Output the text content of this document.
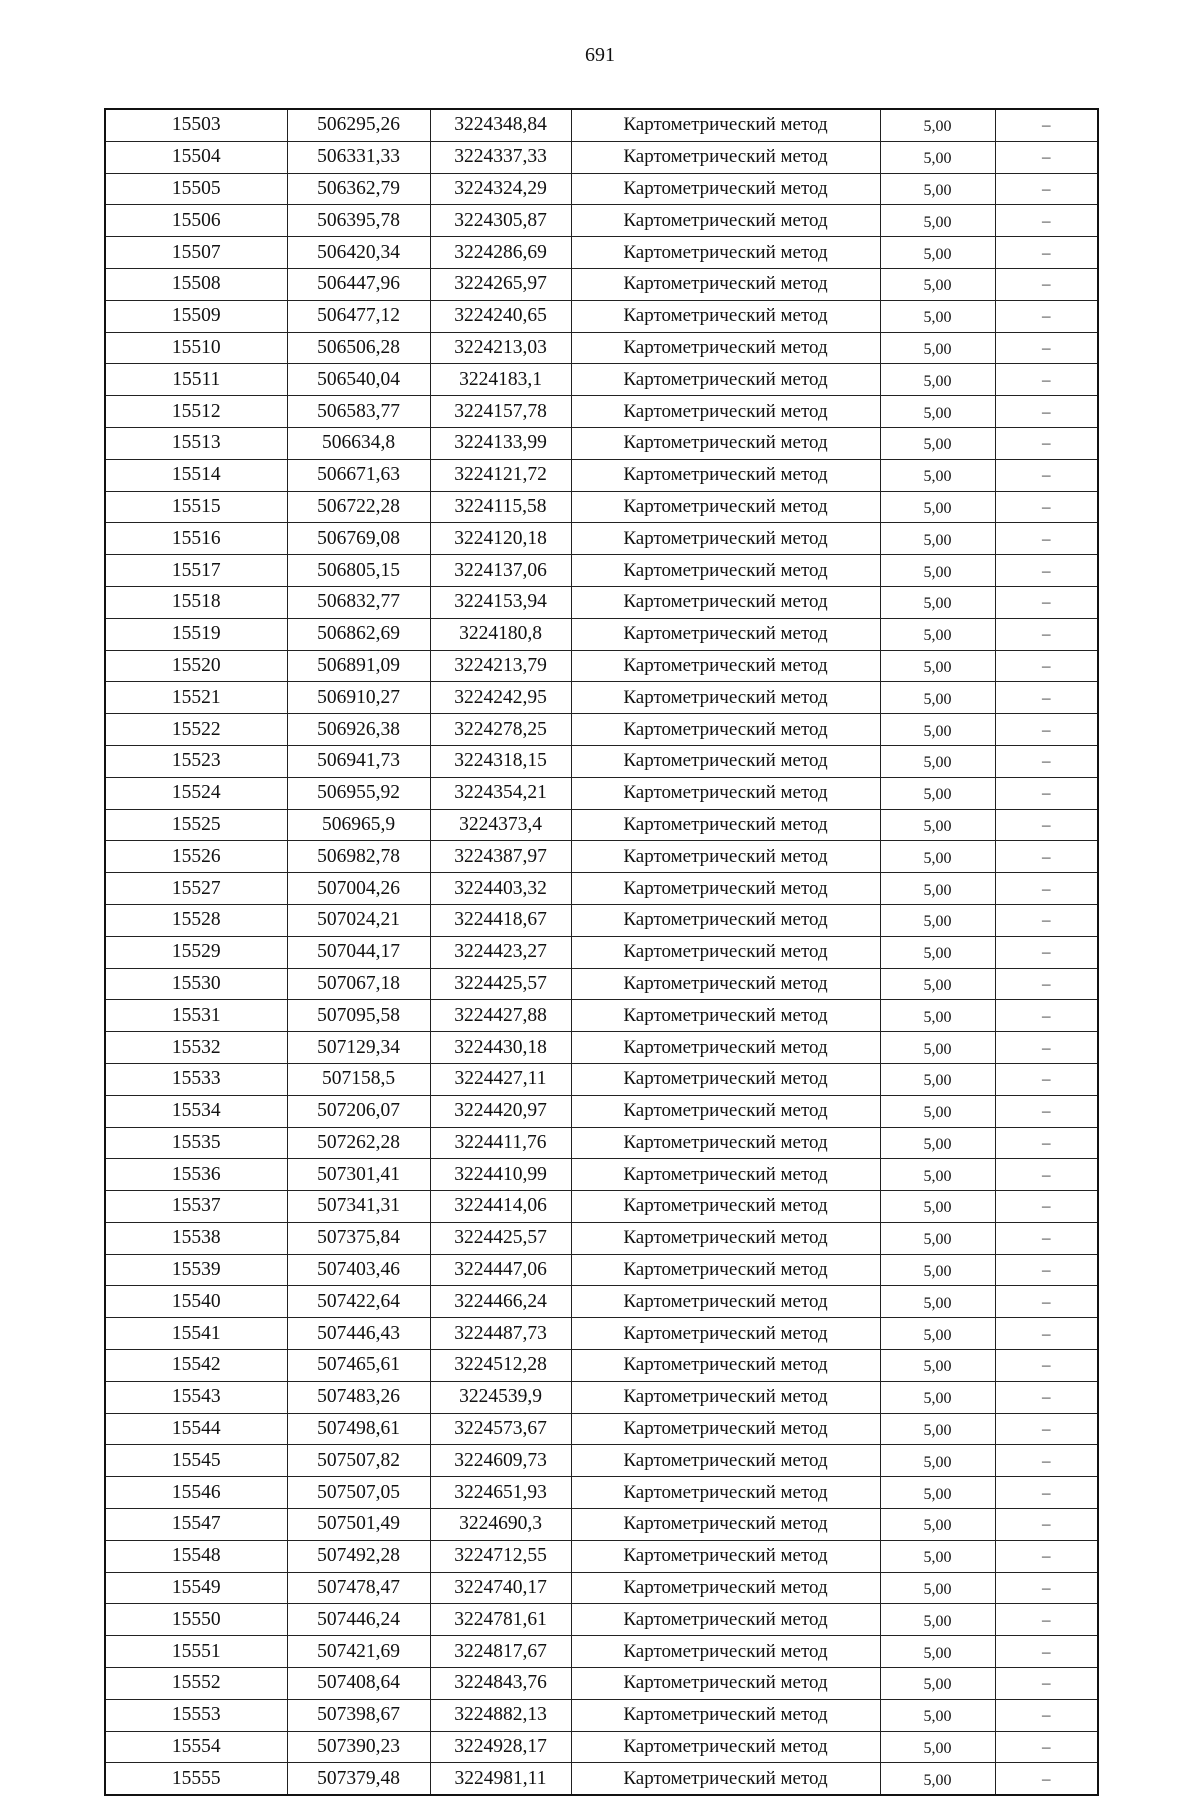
691
15503	506295,26	3224348,84	Картометрический метод	5,00	–
15504	506331,33	3224337,33	Картометрический метод	5,00	–
15505	506362,79	3224324,29	Картометрический метод	5,00	–
15506	506395,78	3224305,87	Картометрический метод	5,00	–
15507	506420,34	3224286,69	Картометрический метод	5,00	–
15508	506447,96	3224265,97	Картометрический метод	5,00	–
15509	506477,12	3224240,65	Картометрический метод	5,00	–
15510	506506,28	3224213,03	Картометрический метод	5,00	–
15511	506540,04	3224183,1	Картометрический метод	5,00	–
15512	506583,77	3224157,78	Картометрический метод	5,00	–
15513	506634,8	3224133,99	Картометрический метод	5,00	–
15514	506671,63	3224121,72	Картометрический метод	5,00	–
15515	506722,28	3224115,58	Картометрический метод	5,00	–
15516	506769,08	3224120,18	Картометрический метод	5,00	–
15517	506805,15	3224137,06	Картометрический метод	5,00	–
15518	506832,77	3224153,94	Картометрический метод	5,00	–
15519	506862,69	3224180,8	Картометрический метод	5,00	–
15520	506891,09	3224213,79	Картометрический метод	5,00	–
15521	506910,27	3224242,95	Картометрический метод	5,00	–
15522	506926,38	3224278,25	Картометрический метод	5,00	–
15523	506941,73	3224318,15	Картометрический метод	5,00	–
15524	506955,92	3224354,21	Картометрический метод	5,00	–
15525	506965,9	3224373,4	Картометрический метод	5,00	–
15526	506982,78	3224387,97	Картометрический метод	5,00	–
15527	507004,26	3224403,32	Картометрический метод	5,00	–
15528	507024,21	3224418,67	Картометрический метод	5,00	–
15529	507044,17	3224423,27	Картометрический метод	5,00	–
15530	507067,18	3224425,57	Картометрический метод	5,00	–
15531	507095,58	3224427,88	Картометрический метод	5,00	–
15532	507129,34	3224430,18	Картометрический метод	5,00	–
15533	507158,5	3224427,11	Картометрический метод	5,00	–
15534	507206,07	3224420,97	Картометрический метод	5,00	–
15535	507262,28	3224411,76	Картометрический метод	5,00	–
15536	507301,41	3224410,99	Картометрический метод	5,00	–
15537	507341,31	3224414,06	Картометрический метод	5,00	–
15538	507375,84	3224425,57	Картометрический метод	5,00	–
15539	507403,46	3224447,06	Картометрический метод	5,00	–
15540	507422,64	3224466,24	Картометрический метод	5,00	–
15541	507446,43	3224487,73	Картометрический метод	5,00	–
15542	507465,61	3224512,28	Картометрический метод	5,00	–
15543	507483,26	3224539,9	Картометрический метод	5,00	–
15544	507498,61	3224573,67	Картометрический метод	5,00	–
15545	507507,82	3224609,73	Картометрический метод	5,00	–
15546	507507,05	3224651,93	Картометрический метод	5,00	–
15547	507501,49	3224690,3	Картометрический метод	5,00	–
15548	507492,28	3224712,55	Картометрический метод	5,00	–
15549	507478,47	3224740,17	Картометрический метод	5,00	–
15550	507446,24	3224781,61	Картометрический метод	5,00	–
15551	507421,69	3224817,67	Картометрический метод	5,00	–
15552	507408,64	3224843,76	Картометрический метод	5,00	–
15553	507398,67	3224882,13	Картометрический метод	5,00	–
15554	507390,23	3224928,17	Картометрический метод	5,00	–
15555	507379,48	3224981,11	Картометрический метод	5,00	–
